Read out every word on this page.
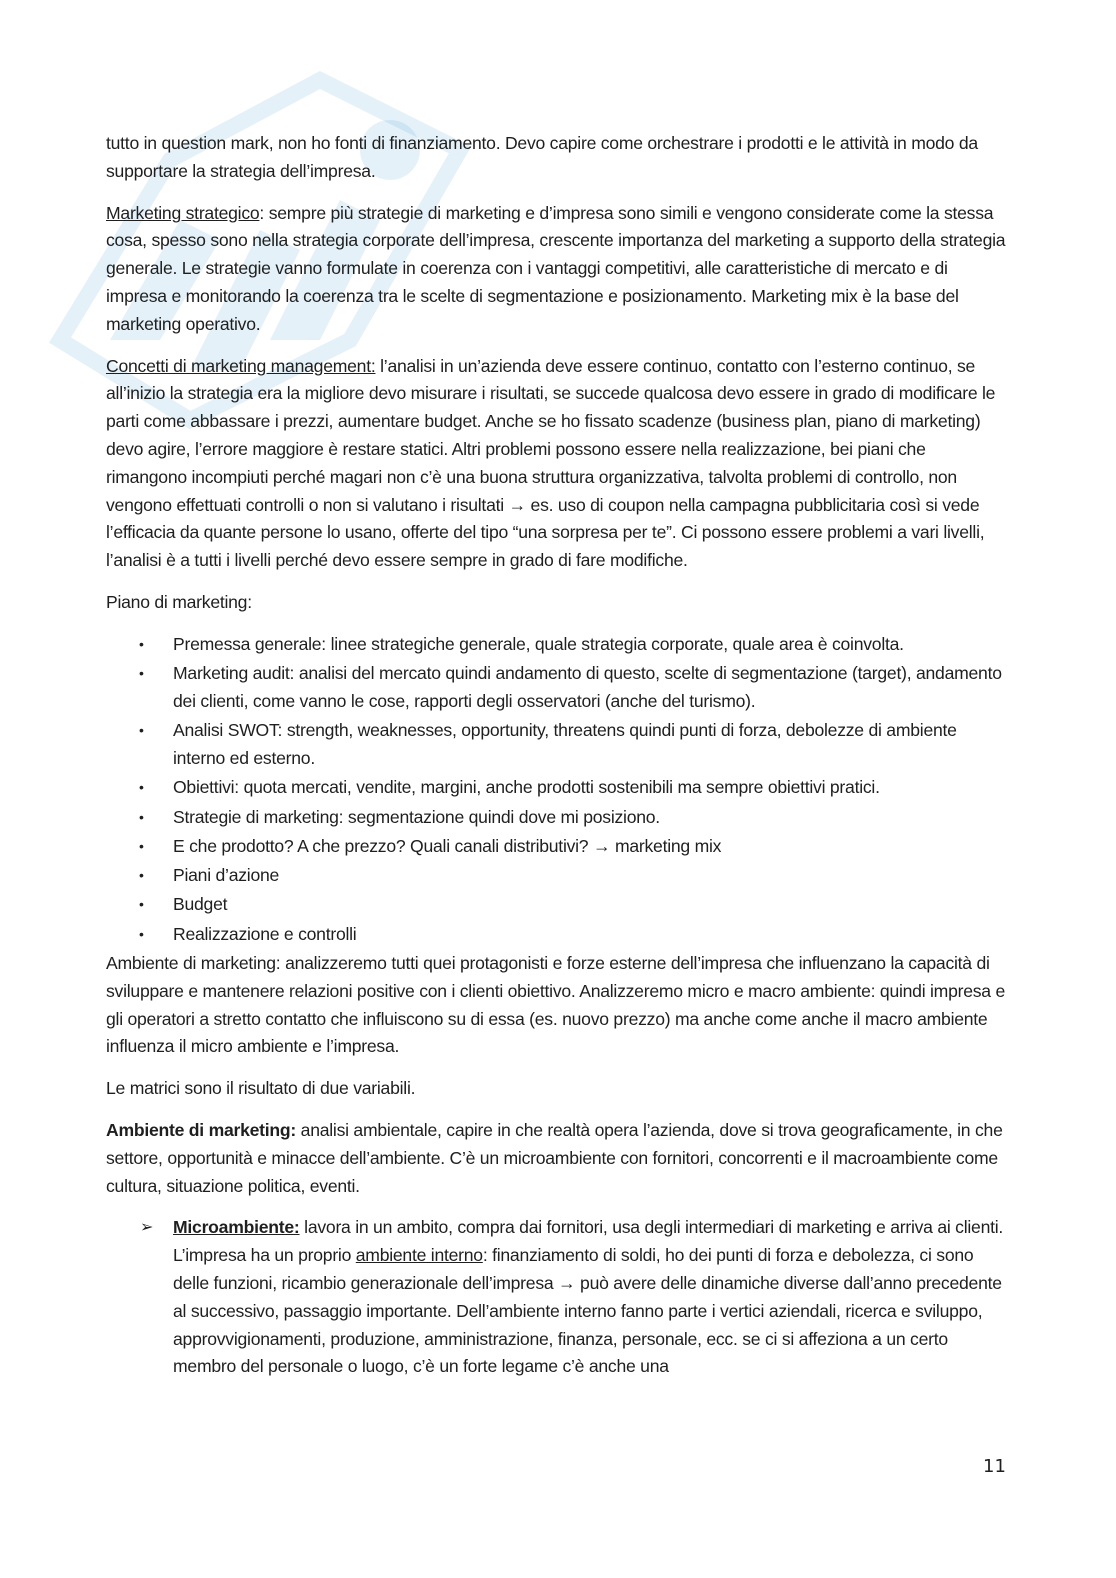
tutto in question mark, non ho fonti di finanziamento. Devo capire come orchestrare i prodotti e le attività in modo da supportare la strategia dell’impresa.

Marketing strategico: sempre più strategie di marketing e d’impresa sono simili e vengono considerate come la stessa cosa, spesso sono nella strategia corporate dell’impresa, crescente importanza del marketing a supporto della strategia generale. Le strategie vanno formulate in coerenza con i vantaggi competitivi, alle caratteristiche di mercato e di impresa e monitorando la coerenza tra le scelte di segmentazione e posizionamento. Marketing mix è la base del marketing operativo.

Concetti di marketing management: l’analisi in un’azienda deve essere continuo, contatto con l’esterno continuo, se all’inizio la strategia era la migliore devo misurare i risultati, se succede qualcosa devo essere in grado di modificare le parti come abbassare i prezzi, aumentare budget. Anche se ho fissato scadenze (business plan, piano di marketing) devo agire, l’errore maggiore è restare statici. Altri problemi possono essere nella realizzazione, bei piani che rimangono incompiuti perché magari non c’è una buona struttura organizzativa, talvolta problemi di controllo, non vengono effettuati controlli o non si valutano i risultati → es. uso di coupon nella campagna pubblicitaria così si vede l’efficacia da quante persone lo usano, offerte del tipo “una sorpresa per te”. Ci possono essere problemi a vari livelli, l’analisi è a tutti i livelli perché devo essere sempre in grado di fare modifiche.

Piano di marketing:

• Premessa generale: linee strategiche generale, quale strategia corporate, quale area è coinvolta.
• Marketing audit: analisi del mercato quindi andamento di questo, scelte di segmentazione (target), andamento dei clienti, come vanno le cose, rapporti degli osservatori (anche del turismo).
• Analisi SWOT: strength, weaknesses, opportunity, threatens quindi punti di forza, debolezze di ambiente interno ed esterno.
• Obiettivi: quota mercati, vendite, margini, anche prodotti sostenibili ma sempre obiettivi pratici.
• Strategie di marketing: segmentazione quindi dove mi posiziono.
• E che prodotto? A che prezzo? Quali canali distributivi? → marketing mix
• Piani d’azione
• Budget
• Realizzazione e controlli

Ambiente di marketing: analizzeremo tutti quei protagonisti e forze esterne dell’impresa che influenzano la capacità di sviluppare e mantenere relazioni positive con i clienti obiettivo. Analizzeremo micro e macro ambiente: quindi impresa e gli operatori a stretto contatto che influiscono su di essa (es. nuovo prezzo) ma anche come anche il macro ambiente influenza il micro ambiente e l’impresa.

Le matrici sono il risultato di due variabili.

Ambiente di marketing: analisi ambientale, capire in che realtà opera l’azienda, dove si trova geograficamente, in che settore, opportunità e minacce dell’ambiente. C’è un microambiente con fornitori, concorrenti e il macroambiente come cultura, situazione politica, eventi.

➢ Microambiente: lavora in un ambito, compra dai fornitori, usa degli intermediari di marketing e arriva ai clienti.

L’impresa ha un proprio ambiente interno: finanziamento di soldi, ho dei punti di forza e debolezza, ci sono delle funzioni, ricambio generazionale dell’impresa → può avere delle dinamiche diverse dall’anno precedente al successivo, passaggio importante. Dell’ambiente interno fanno parte i vertici aziendali, ricerca e sviluppo, approvvigionamenti, produzione, amministrazione, finanza, personale, ecc. se ci si affeziona a un certo membro del personale o luogo, c’è un forte legame c’è anche una

11
